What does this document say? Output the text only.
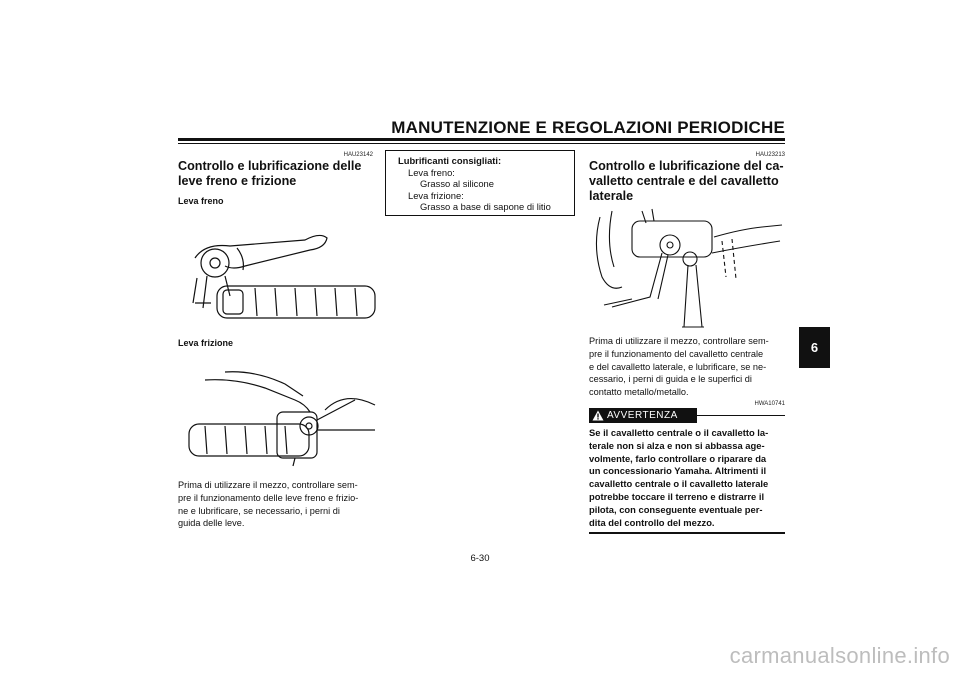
MANUTENZIONE E REGOLAZIONI PERIODICHE
6
HAU23142
Controllo e lubrificazione delle
leve freno e frizione
Leva freno
Leva frizione
Prima di utilizzare il mezzo, controllare sem-
pre il funzionamento delle leve freno e frizio-
ne e lubrificare, se necessario, i perni di
guida delle leve.
Lubrificanti consigliati:
Leva freno:
Grasso al silicone
Leva frizione:
Grasso a base di sapone di litio
HAU23213
Controllo e lubrificazione del ca-
valletto centrale e del cavalletto
laterale
Prima di utilizzare il mezzo, controllare sem-
pre il funzionamento del cavalletto centrale
e del cavalletto laterale, e lubrificare, se ne-
cessario, i perni di guida e le superfici di
contatto metallo/metallo.
HWA10741
AVVERTENZA
Se il cavalletto centrale o il cavalletto la-
terale non si alza e non si abbassa age-
volmente, farlo controllare o riparare da
un concessionario Yamaha. Altrimenti il
cavalletto centrale o il cavalletto laterale
potrebbe toccare il terreno e distrarre il
pilota, con conseguente eventuale per-
dita del controllo del mezzo.
6-30
carmanualsonline.info
